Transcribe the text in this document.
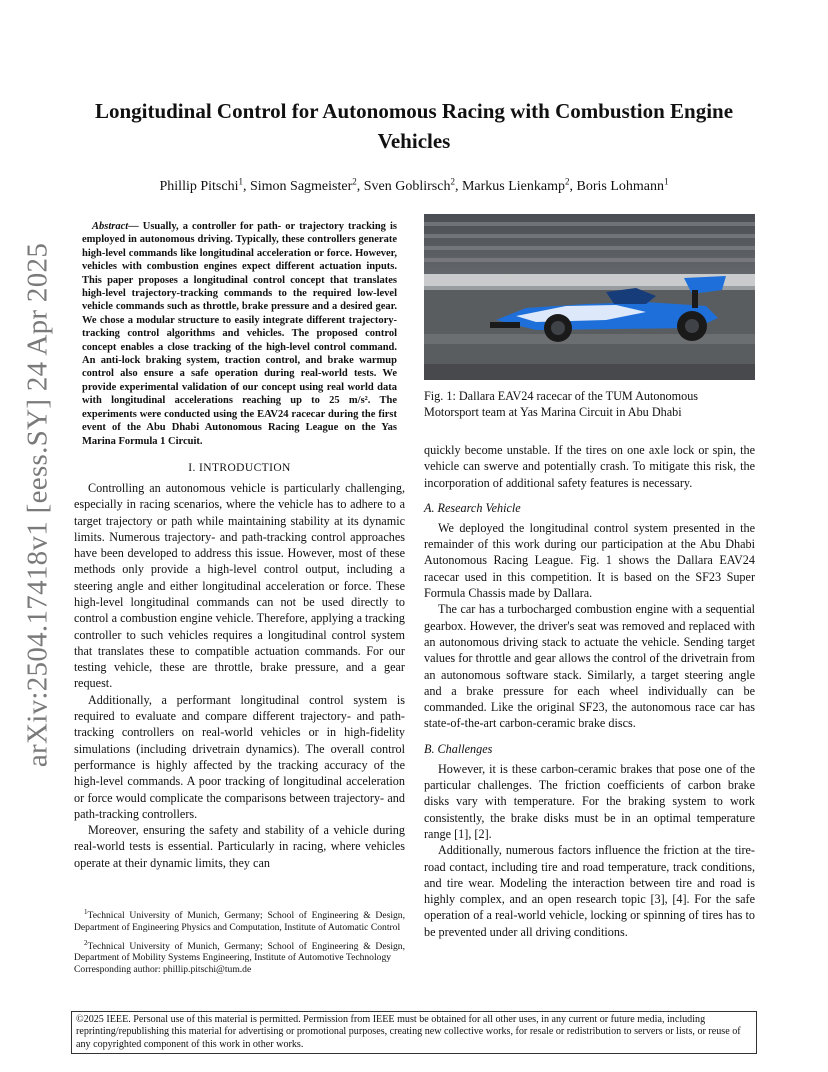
arXiv:2504.17418v1 [eess.SY] 24 Apr 2025
Longitudinal Control for Autonomous Racing with Combustion Engine Vehicles
Phillip Pitschi$^1$, Simon Sagmeister$^2$, Sven Goblirsch$^2$, Markus Lienkamp$^2$, Boris Lohmann$^1$

Abstract— Usually, a controller for path- or trajectory tracking is employed in autonomous driving. Typically, these controllers generate high-level commands like longitudinal acceleration or force. However, vehicles with combustion engines expect different actuation inputs. This paper proposes a longitudinal control concept that translates high-level trajectory-tracking commands to the required low-level vehicle commands such as throttle, brake pressure and a desired gear. We chose a modular structure to easily integrate different trajectory-tracking control algorithms and vehicles. The proposed control concept enables a close tracking of the high-level control command. An anti-lock braking system, traction control, and brake warmup control also ensure a safe operation during real-world tests. We provide experimental validation of our concept using real world data with longitudinal accelerations reaching up to 25 m/s². The experiments were conducted using the EAV24 racecar during the first event of the Abu Dhabi Autonomous Racing League on the Yas Marina Formula 1 Circuit.

I. INTRODUCTION

Controlling an autonomous vehicle is particularly challenging, especially in racing scenarios, where the vehicle has to adhere to a target trajectory or path while maintaining stability at its dynamic limits. Numerous trajectory- and path-tracking control approaches have been developed to address this issue. However, most of these methods only provide a high-level control output, including a steering angle and either longitudinal acceleration or force. These high-level longitudinal commands can not be used directly to control a combustion engine vehicle. Therefore, applying a tracking controller to such vehicles requires a longitudinal control system that translates these to compatible actuation commands. For our testing vehicle, these are throttle, brake pressure, and a gear request.

Additionally, a performant longitudinal control system is required to evaluate and compare different trajectory- and path-tracking controllers on real-world vehicles or in high-fidelity simulations (including drivetrain dynamics). The overall control performance is highly affected by the tracking accuracy of the high-level commands. A poor tracking of longitudinal acceleration or force would complicate the comparisons between trajectory- and path-tracking controllers.

Moreover, ensuring the safety and stability of a vehicle during real-world tests is essential. Particularly in racing, where vehicles operate at their dynamic limits, they can

$^1$Technical University of Munich, Germany; School of Engineering & Design, Department of Engineering Physics and Computation, Institute of Automatic Control

$^2$Technical University of Munich, Germany; School of Engineering & Design, Department of Mobility Systems Engineering, Institute of Automotive Technology

Corresponding author: phillip.pitschi@tum.de

Fig. 1: Dallara EAV24 racecar of the TUM Autonomous Motorsport team at Yas Marina Circuit in Abu Dhabi

quickly become unstable. If the tires on one axle lock or spin, the vehicle can swerve and potentially crash. To mitigate this risk, the incorporation of additional safety features is necessary.

A. Research Vehicle

We deployed the longitudinal control system presented in the remainder of this work during our participation at the Abu Dhabi Autonomous Racing League. Fig. 1 shows the Dallara EAV24 racecar used in this competition. It is based on the SF23 Super Formula Chassis made by Dallara.

The car has a turbocharged combustion engine with a sequential gearbox. However, the driver's seat was removed and replaced with an autonomous driving stack to actuate the vehicle. Sending target values for throttle and gear allows the control of the drivetrain from an autonomous software stack. Similarly, a target steering angle and a brake pressure for each wheel individually can be commanded. Like the original SF23, the autonomous race car has state-of-the-art carbon-ceramic brake discs.

B. Challenges

However, it is these carbon-ceramic brakes that pose one of the particular challenges. The friction coefficients of carbon brake disks vary with temperature. For the braking system to work consistently, the brake disks must be in an optimal temperature range [1], [2].

Additionally, numerous factors influence the friction at the tire-road contact, including tire and road temperature, track conditions, and tire wear. Modeling the interaction between tire and road is highly complex, and an open research topic [3], [4]. For the safe operation of a real-world vehicle, locking or spinning of tires has to be prevented under all driving conditions.

©2025 IEEE. Personal use of this material is permitted. Permission from IEEE must be obtained for all other uses, in any current or future media, including reprinting/republishing this material for advertising or promotional purposes, creating new collective works, for resale or redistribution to servers or lists, or reuse of any copyrighted component of this work in other works.
